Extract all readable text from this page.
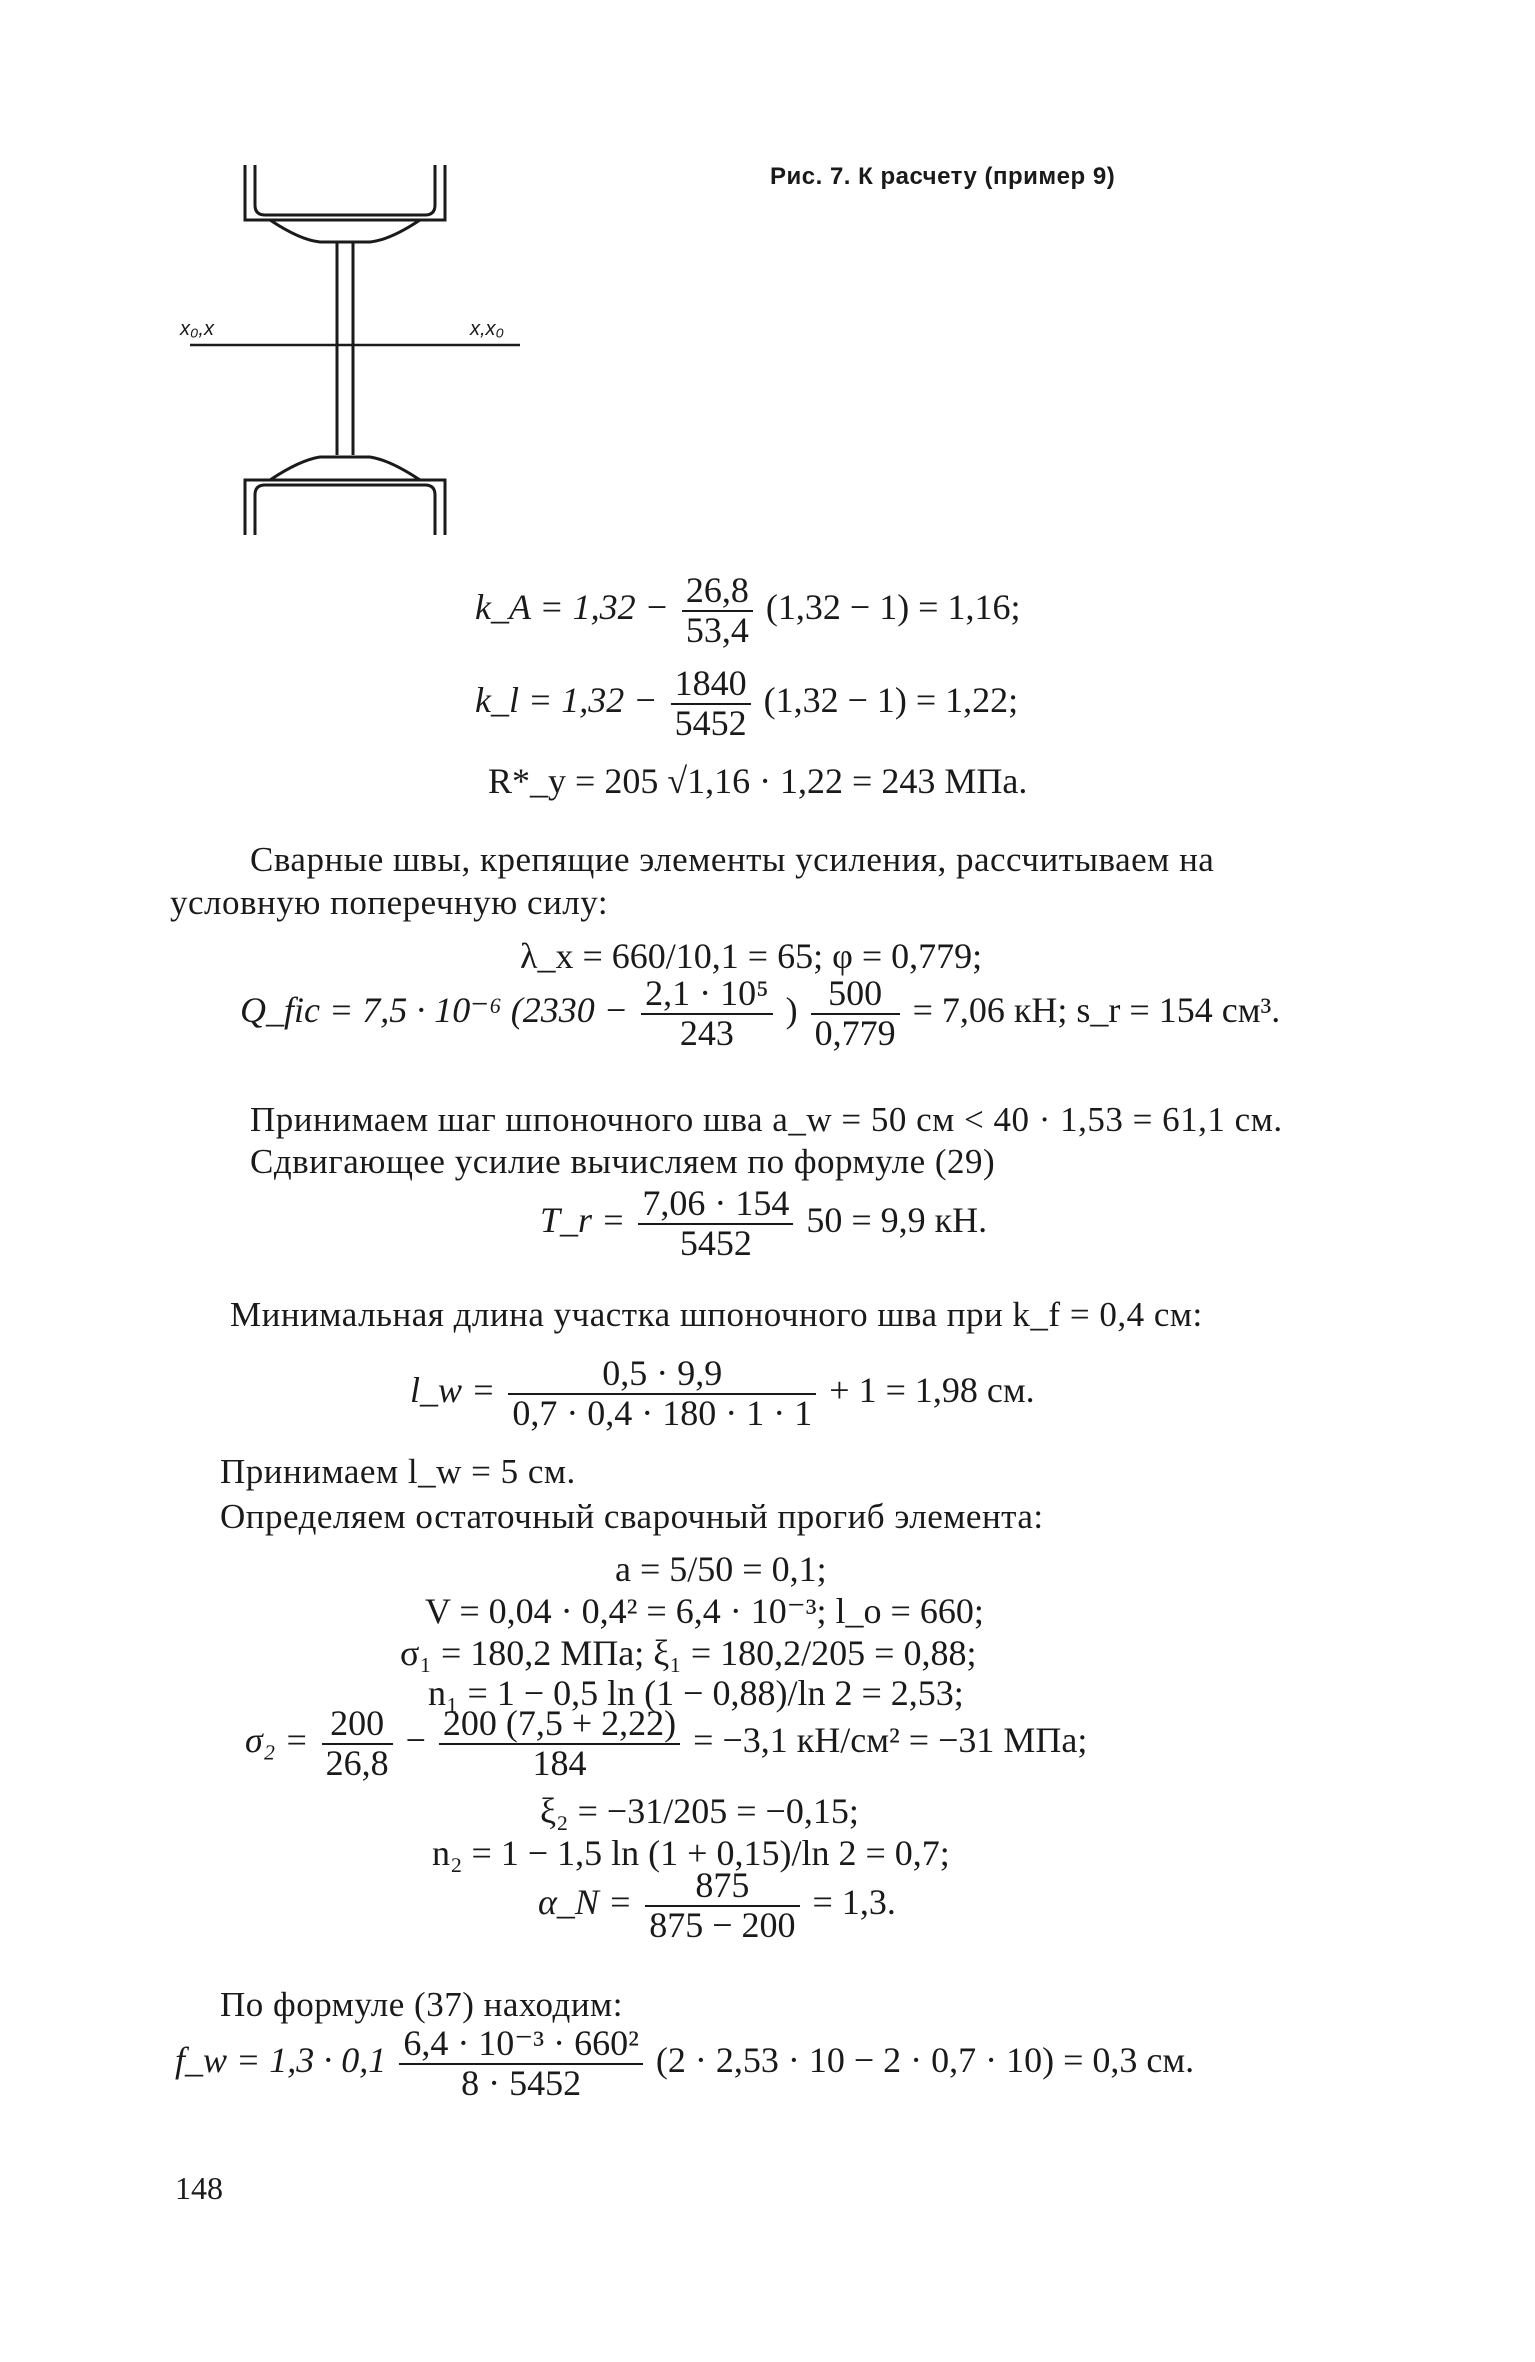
x₀,x	x,x₀
Рис. 7. К расчету (пример 9)
k_A = $1,32 - \frac{26,8}{53,4} (1,32 - 1) = 1,16$;
k_l = $1,32 - \frac{1840}{5452} (1,32 - 1) = 1,22$;
R*_y = 205 √1,16 · 1,22 = 243 МПа.
Сварные швы, крепящие элементы усиления, рассчитываем на
условную поперечную силу:
λ_x = 660/10,1 = 65; φ = 0,779;
Q_fic = 7,5 · 10⁻⁶ ($2330 - \frac{\text{2,1 · 10⁵}}{243}$ ) $\frac{500}{0,779} = 7,06$ кН; s_r = 154 см³.
Принимаем шаг шпоночного шва a_w = 50 см < 40 · 1,53 = 61,1 см.
Сдвигающее усилие вычисляем по формуле (29)
T_r = $\frac{7,06 \cdot 154}{5452} 50 = 9,9$ кН.
Минимальная длина участка шпоночного шва при k_f = 0,4 см:
l_w = $\frac{0,5 \cdot 9,9}{0,7 \cdot 0,4 \cdot 180 \cdot 1 \cdot 1} + 1 = 1,98$ см.
Принимаем l_w = 5 см.
Определяем остаточный сварочный прогиб элемента:
a = 5/50 = 0,1;
V = 0,04 · 0,4² = 6,4 · 10⁻³; l_o = 660;
σ₁ = 180,2 МПа; ξ₁ = 180,2/205 = 0,88;
n₁ = 1 − 0,5 ln (1 − 0,88)/ln 2 = 2,53;
$\sigma_2 = \frac{200}{26,8} - \frac{200 (7,5 + 2,22)}{184} = -3,1$ кН/см² = −31 МПа;
ξ₂ = −31/205 = −0,15;
n₂ = 1 − 1,5 ln (1 + 0,15)/ln 2 = 0,7;
α_N = $\frac{875}{875 - 200} = 1,3$.
По формуле (37) находим:
f_w = $1,3 \cdot 0,1 \frac{\text{6,4 · 10⁻³ · 660²}}{8 \cdot 5452} (2 \cdot 2,53 \cdot 10 - 2 \cdot 0,7 \cdot 10) = 0,3$ см.
148
